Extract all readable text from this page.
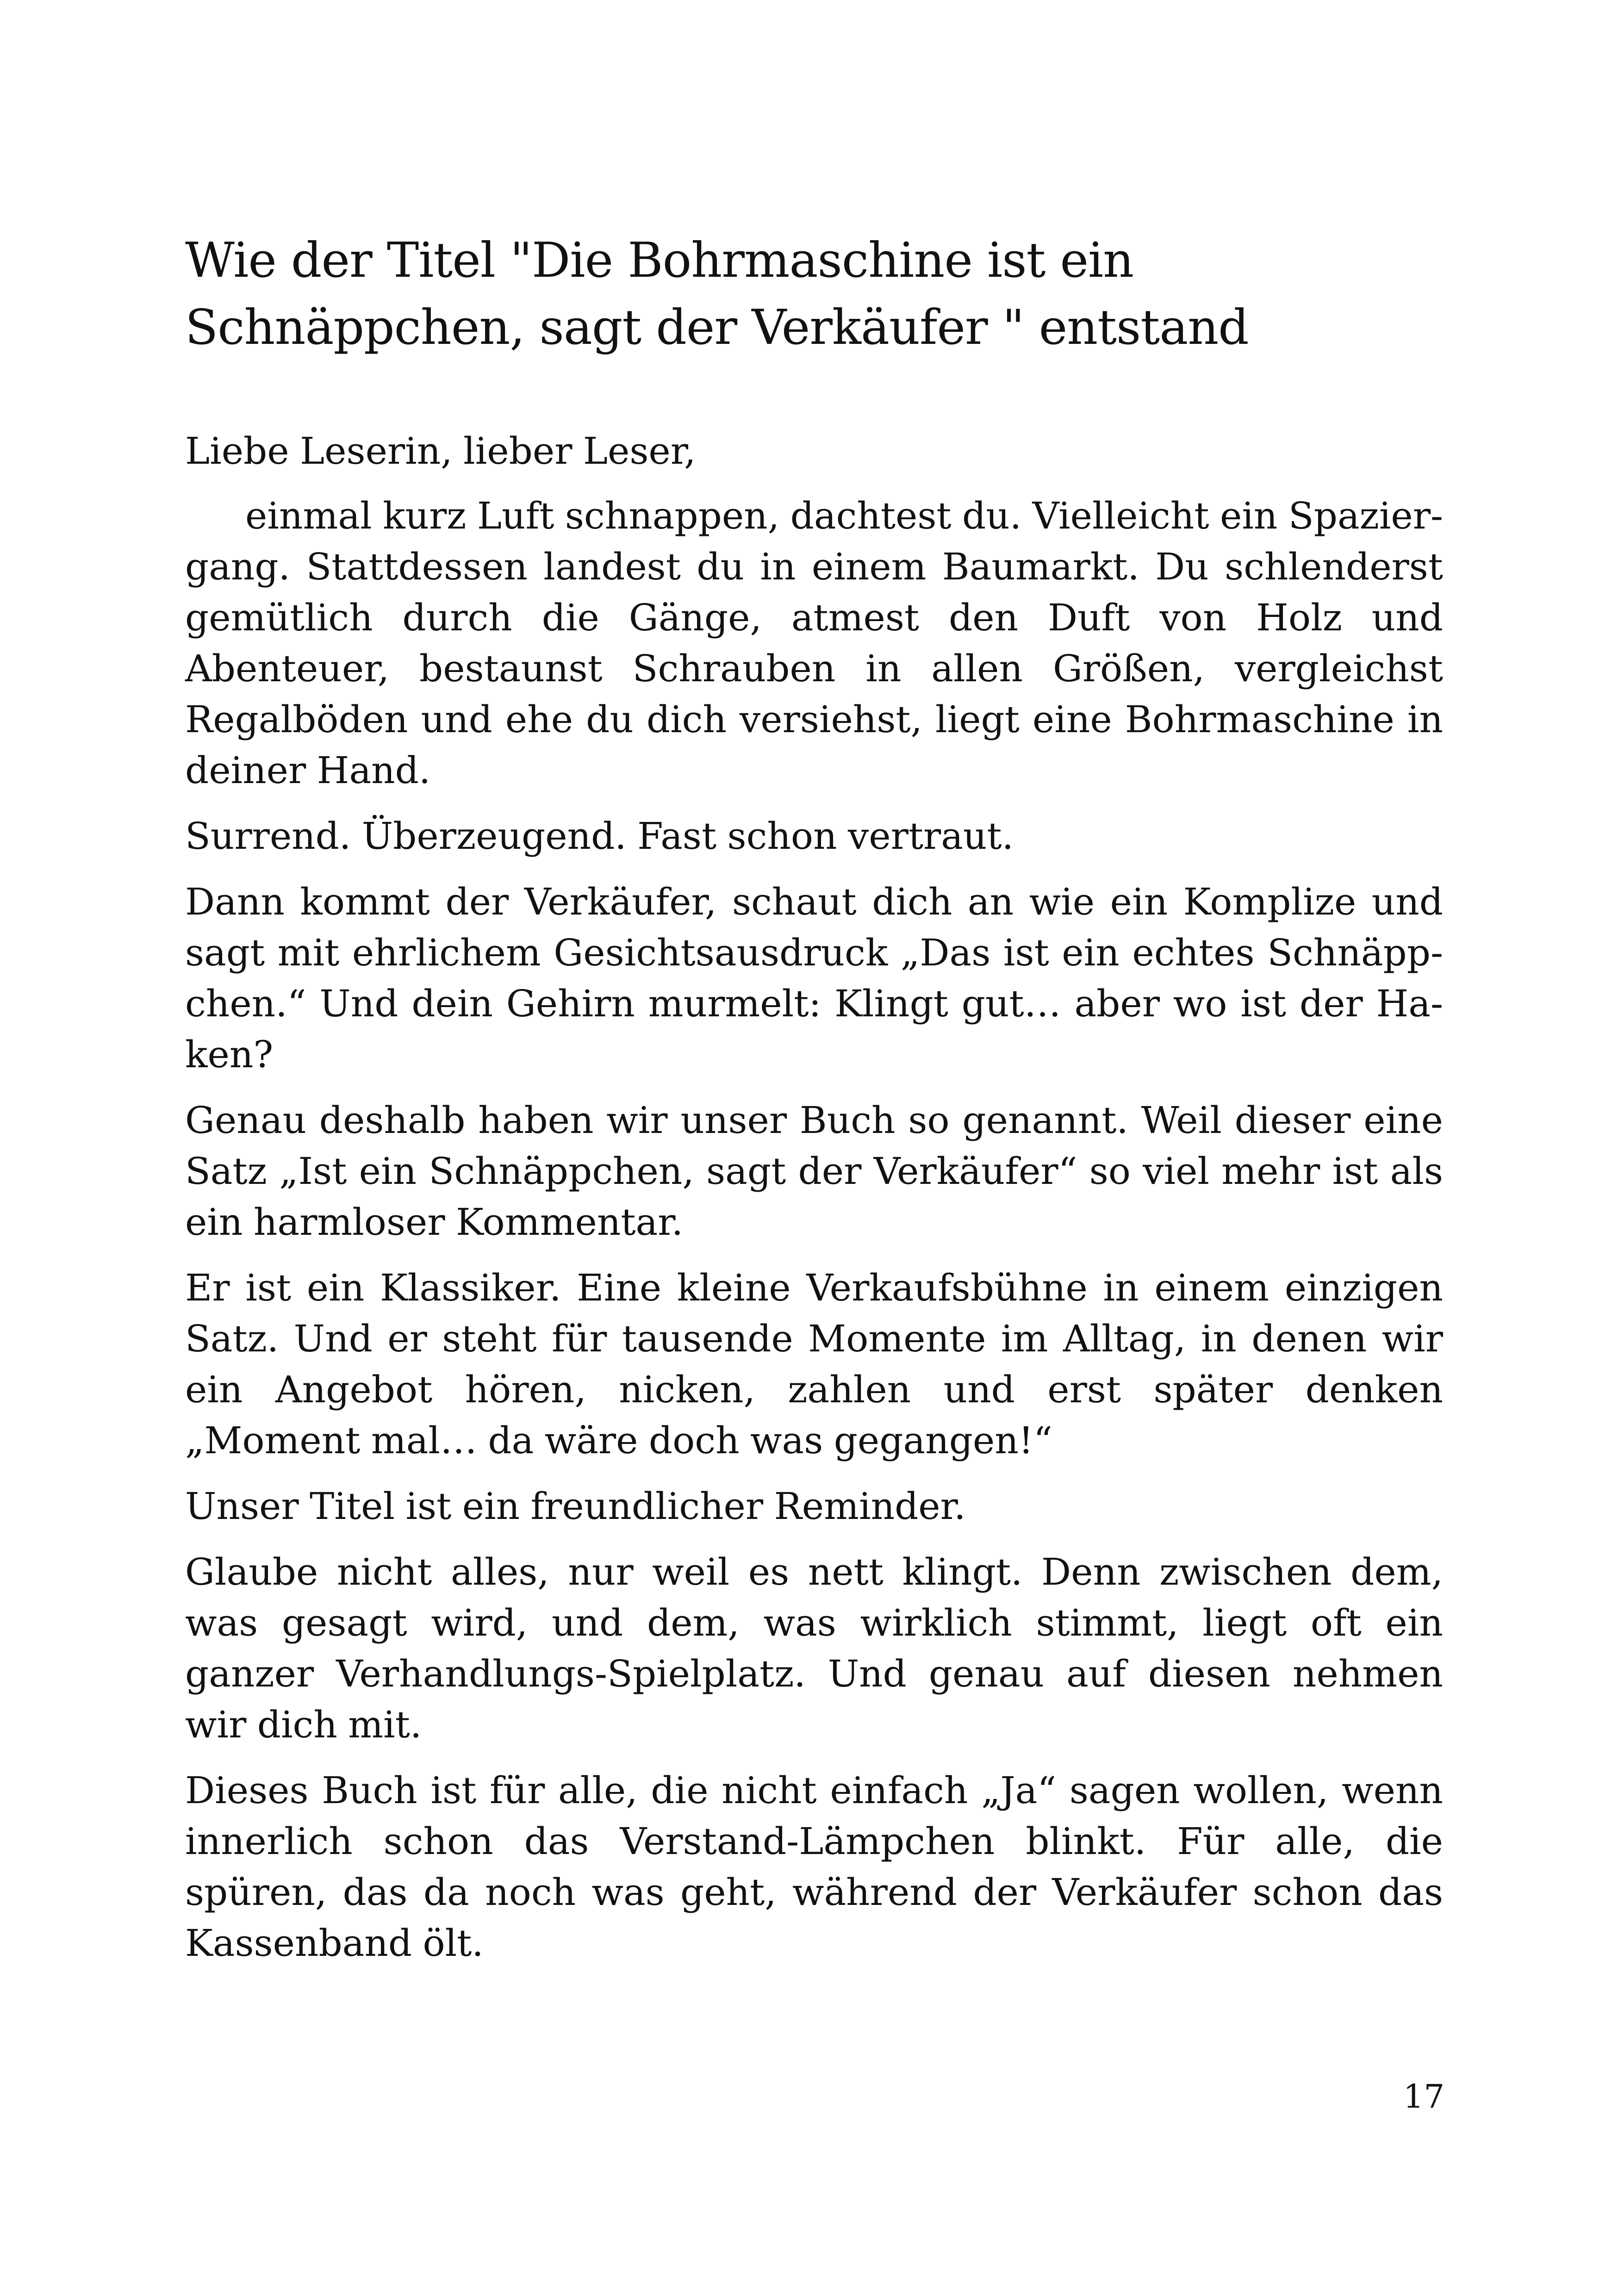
Wie der Titel "Die Bohrmaschine ist ein Schnäppchen, sagt der Verkäufer " entstand

Liebe Leserin, lieber Leser,

einmal kurz Luft schnappen, dachtest du. Vielleicht ein Spaziergang. Stattdessen landest du in einem Baumarkt. Du schlenderst gemütlich durch die Gänge, atmest den Duft von Holz und Abenteuer, bestaunst Schrauben in allen Größen, vergleichst Regalböden und ehe du dich versiehst, liegt eine Bohrmaschine in deiner Hand.

Surrend. Überzeugend. Fast schon vertraut.

Dann kommt der Verkäufer, schaut dich an wie ein Komplize und sagt mit ehrlichem Gesichtsausdruck „Das ist ein echtes Schnäppchen.“ Und dein Gehirn murmelt: Klingt gut… aber wo ist der Haken?

Genau deshalb haben wir unser Buch so genannt. Weil dieser eine Satz „Ist ein Schnäppchen, sagt der Verkäufer“ so viel mehr ist als ein harmloser Kommentar.

Er ist ein Klassiker. Eine kleine Verkaufsbühne in einem einzigen Satz. Und er steht für tausende Momente im Alltag, in denen wir ein Angebot hören, nicken, zahlen und erst später denken „Moment mal… da wäre doch was gegangen!“

Unser Titel ist ein freundlicher Reminder.

Glaube nicht alles, nur weil es nett klingt. Denn zwischen dem, was gesagt wird, und dem, was wirklich stimmt, liegt oft ein ganzer Verhandlungs-Spielplatz. Und genau auf diesen nehmen wir dich mit.

Dieses Buch ist für alle, die nicht einfach „Ja“ sagen wollen, wenn innerlich schon das Verstand-Lämpchen blinkt. Für alle, die spüren, das da noch was geht, während der Verkäufer schon das Kassenband ölt.

17
